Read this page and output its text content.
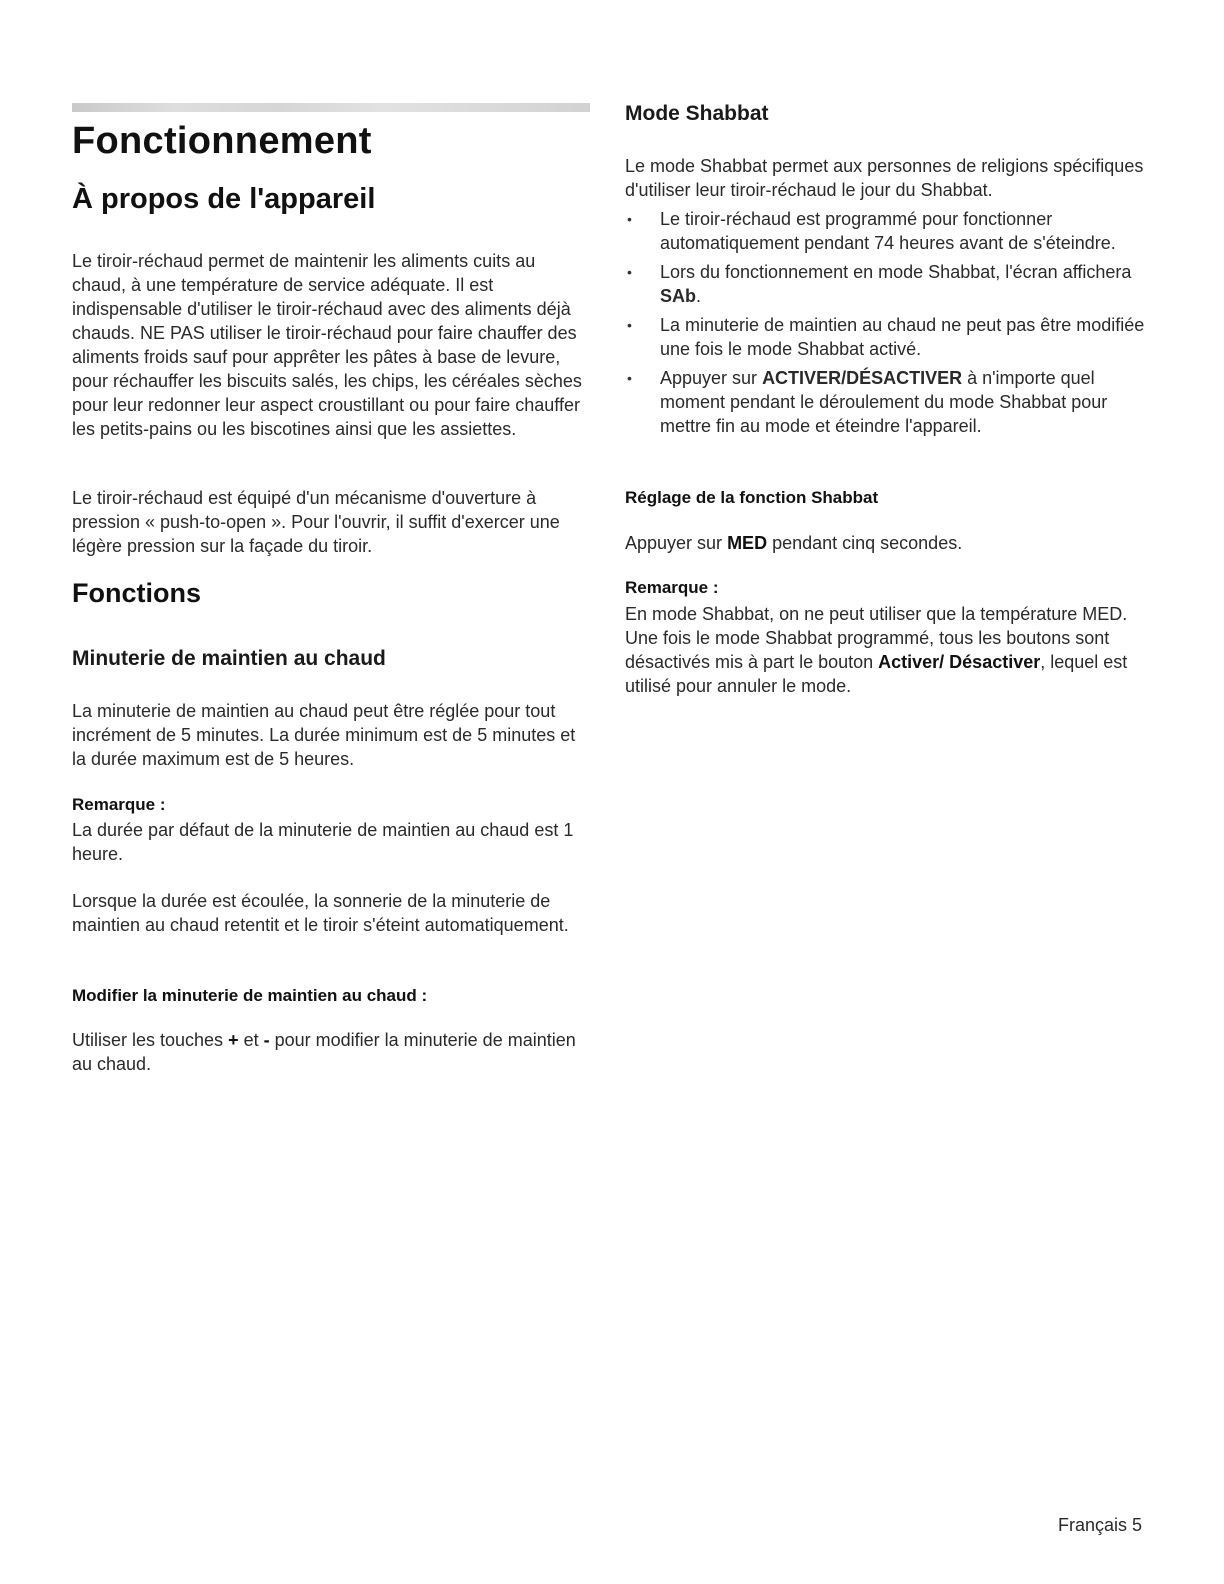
Fonctionnement
À propos de l'appareil

Le tiroir-réchaud permet de maintenir les aliments cuits au chaud, à une température de service adéquate. Il est indispensable d'utiliser le tiroir-réchaud avec des aliments déjà chauds. NE PAS utiliser le tiroir-réchaud pour faire chauffer des aliments froids sauf pour apprêter les pâtes à base de levure, pour réchauffer les biscuits salés, les chips, les céréales sèches pour leur redonner leur aspect croustillant ou pour faire chauffer les petits-pains ou les biscotines ainsi que les assiettes.

Le tiroir-réchaud est équipé d'un mécanisme d'ouverture à pression « push-to-open ». Pour l'ouvrir, il suffit d'exercer une légère pression sur la façade du tiroir.

Fonctions
Minuterie de maintien au chaud

La minuterie de maintien au chaud peut être réglée pour tout incrément de 5 minutes. La durée minimum est de 5 minutes et la durée maximum est de 5 heures.

Remarque :

La durée par défaut de la minuterie de maintien au chaud est 1 heure.

Lorsque la durée est écoulée, la sonnerie de la minuterie de maintien au chaud retentit et le tiroir s'éteint automatiquement.

Modifier la minuterie de maintien au chaud :

Utiliser les touches + et - pour modifier la minuterie de maintien au chaud.

Mode Shabbat

Le mode Shabbat permet aux personnes de religions spécifiques d'utiliser leur tiroir-réchaud le jour du Shabbat.

• Le tiroir-réchaud est programmé pour fonctionner automatiquement pendant 74 heures avant de s'éteindre.
• Lors du fonctionnement en mode Shabbat, l'écran affichera SAb.
• La minuterie de maintien au chaud ne peut pas être modifiée une fois le mode Shabbat activé.
• Appuyer sur ACTIVER/DÉSACTIVER à n'importe quel moment pendant le déroulement du mode Shabbat pour mettre fin au mode et éteindre l'appareil.
Réglage de la fonction Shabbat

Appuyer sur MED pendant cinq secondes.

Remarque :

En mode Shabbat, on ne peut utiliser que la température MED. Une fois le mode Shabbat programmé, tous les boutons sont désactivés mis à part le bouton Activer/ Désactiver, lequel est utilisé pour annuler le mode.

Français 5
